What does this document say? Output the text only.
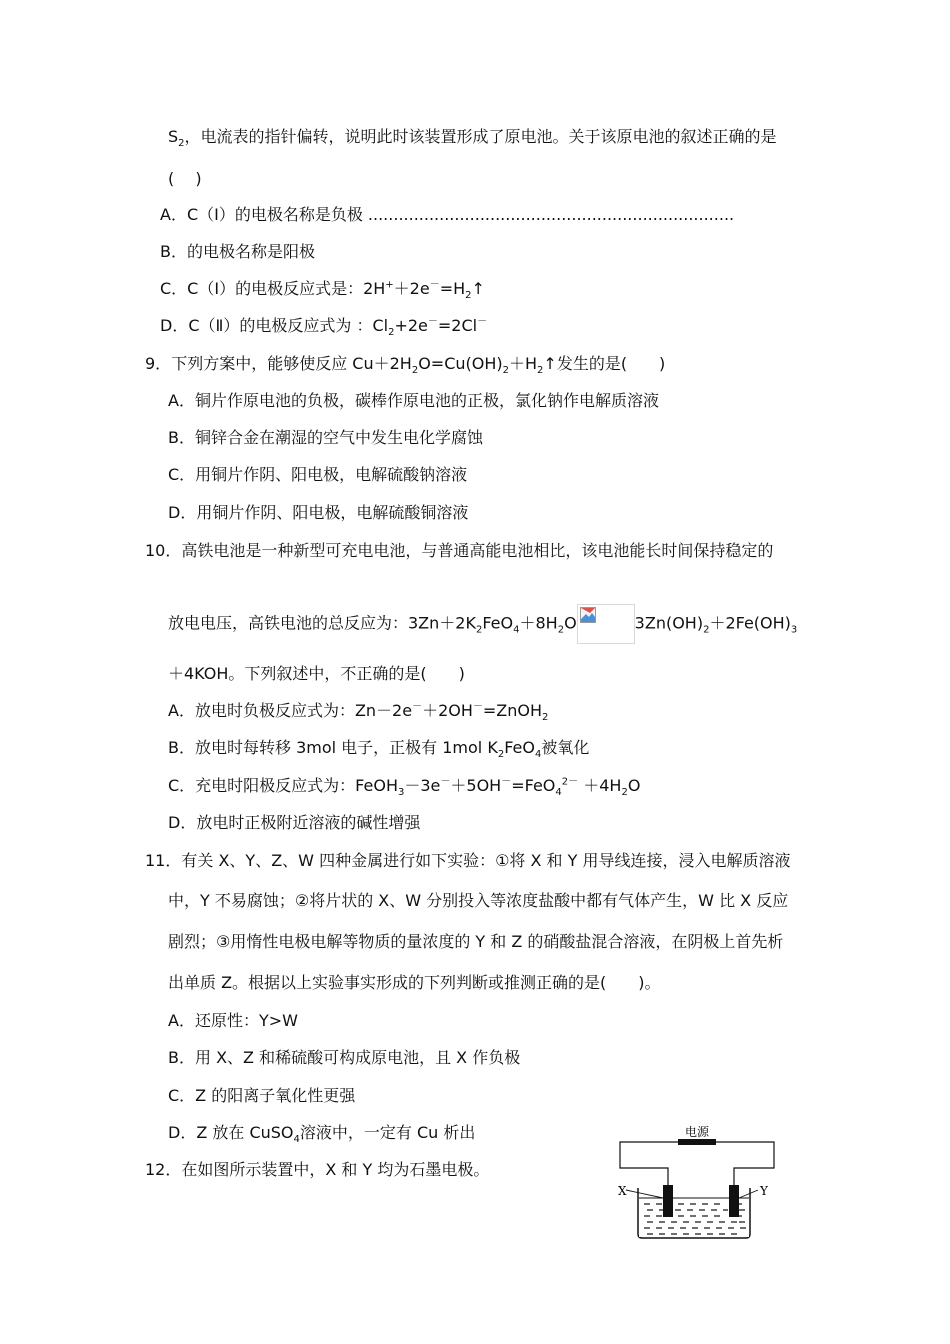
$S_2$，电流表的指针偏转，说明此时该装置形成了原电池。关于该原电池的叙述正确的是
(　 )
A．C（Ⅰ）的电极名称是负极 ........................................................................
B．的电极名称是阳极
C．C（Ⅰ）的电极反应式是：$2H^++2e^-=H_2↑$
D．C（Ⅱ）的电极反应式为 ：$Cl_2+2e^-=2Cl^-$
9．下列方案中，能够使反应 $Cu+2H_2O=Cu(OH)_2+H_2↑$发生的是(　　)
A．铜片作原电池的负极，碳棒作原电池的正极，氯化钠作电解质溶液
B．铜锌合金在潮湿的空气中发生电化学腐蚀
C．用铜片作阴、阳电极，电解硫酸钠溶液
D．用铜片作阴、阳电极，电解硫酸铜溶液
10．高铁电池是一种新型可充电电池，与普通高能电池相比，该电池能长时间保持稳定的
放电电压，高铁电池的总反应为：$3Zn+2K_2FeO_4+8H_2O$	$3Zn(OH)_2+2Fe(OH)_3$
＋4KOH。下列叙述中，不正确的是(　　)
A．放电时负极反应式为：Zn－2e－＋2OH－=ZnOH$_2$
B．放电时每转移 3mol 电子，正极有 1mol $K_2FeO_4$被氧化
C．充电时阳极反应式为：FeOH$_3$－3e－＋5OH－=FeO$_4^{2-}$ $+4H_2O$
D．放电时正极附近溶液的碱性增强
11．有关 X、Y、Z、W 四种金属进行如下实验：①将 X 和 Y 用导线连接，浸入电解质溶液
中，Y 不易腐蚀；②将片状的 X、W 分别投入等浓度盐酸中都有气体产生，W 比 X 反应
剧烈；③用惰性电极电解等物质的量浓度的 Y 和 Z 的硝酸盐混合溶液，在阴极上首先析
出单质 Z。根据以上实验事实形成的下列判断或推测正确的是(　　)。
A．还原性：Y>W
B．用 X、Z 和稀硫酸可构成原电池，且 X 作负极
C．Z 的阳离子氧化性更强
D．Z 放在 CuSO$_4$溶液中，一定有 Cu 析出
12．在如图所示装置中，X 和 Y 均为石墨电极。
电源
X	Y
